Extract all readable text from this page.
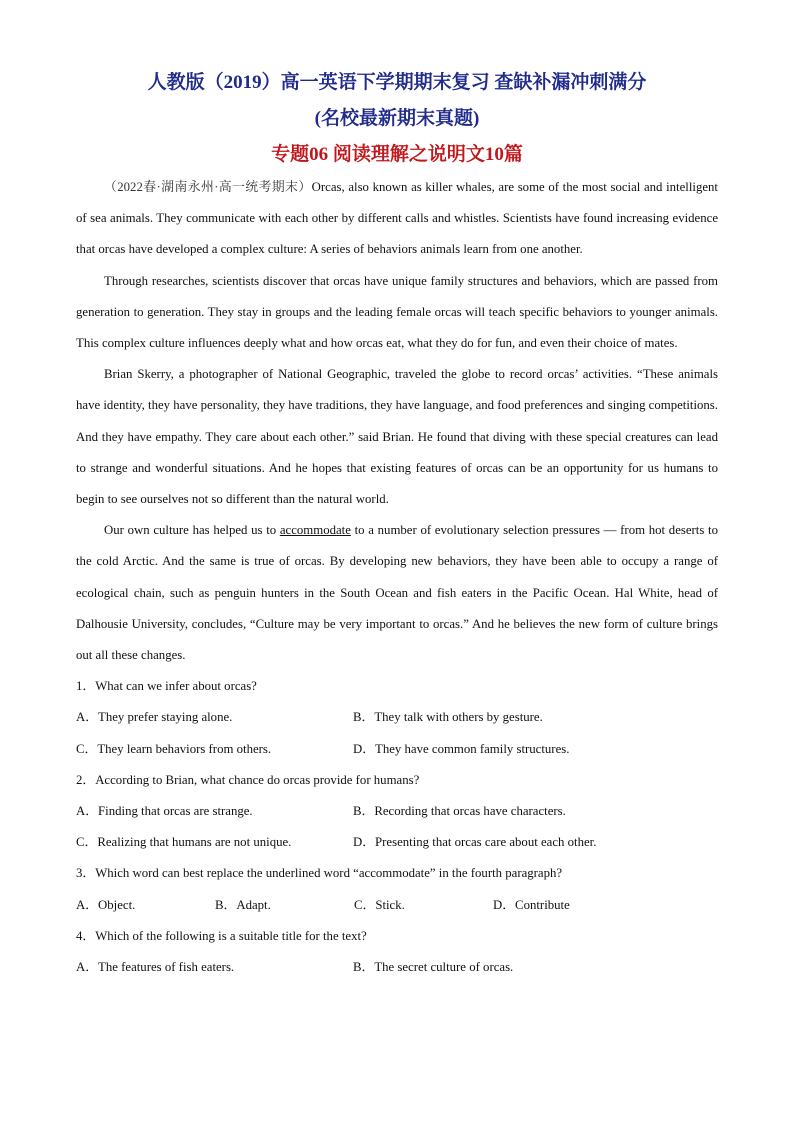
人教版（2019）高一英语下学期期末复习 查缺补漏冲刺满分

(名校最新期末真题)

专题06 阅读理解之说明文10篇

（2022春·湖南永州·高一统考期末）Orcas, also known as killer whales, are some of the most social and intelligent of sea animals. They communicate with each other by different calls and whistles. Scientists have found increasing evidence that orcas have developed a complex culture: A series of behaviors animals learn from one another.

Through researches, scientists discover that orcas have unique family structures and behaviors, which are passed from generation to generation. They stay in groups and the leading female orcas will teach specific behaviors to younger animals. This complex culture influences deeply what and how orcas eat, what they do for fun, and even their choice of mates.

Brian Skerry, a photographer of National Geographic, traveled the globe to record orcas’ activities. “These animals have identity, they have personality, they have traditions, they have language, and food preferences and singing competitions. And they have empathy. They care about each other.” said Brian. He found that diving with these special creatures can lead to strange and wonderful situations. And he hopes that existing features of orcas can be an opportunity for us humans to begin to see ourselves not so different than the natural world.

Our own culture has helped us to accommodate to a number of evolutionary selection pressures — from hot deserts to the cold Arctic. And the same is true of orcas. By developing new behaviors, they have been able to occupy a range of ecological chain, such as penguin hunters in the South Ocean and fish eaters in the Pacific Ocean. Hal White, head of Dalhousie University, concludes, “Culture may be very important to orcas.” And he believes the new form of culture brings out all these changes.

1．What can we infer about orcas?

A．They prefer staying alone.	B．They talk with others by gesture.
C．They learn behaviors from others.	D．They have common family structures.

2．According to Brian, what chance do orcas provide for humans?

A．Finding that orcas are strange.	B．Recording that orcas have characters.
C．Realizing that humans are not unique.	D．Presenting that orcas care about each other.

3．Which word can best replace the underlined word “accommodate” in the fourth paragraph?

A．Object.	B．Adapt.	C．Stick.	D．Contribute

4．Which of the following is a suitable title for the text?

A．The features of fish eaters.	B．The secret culture of orcas.
